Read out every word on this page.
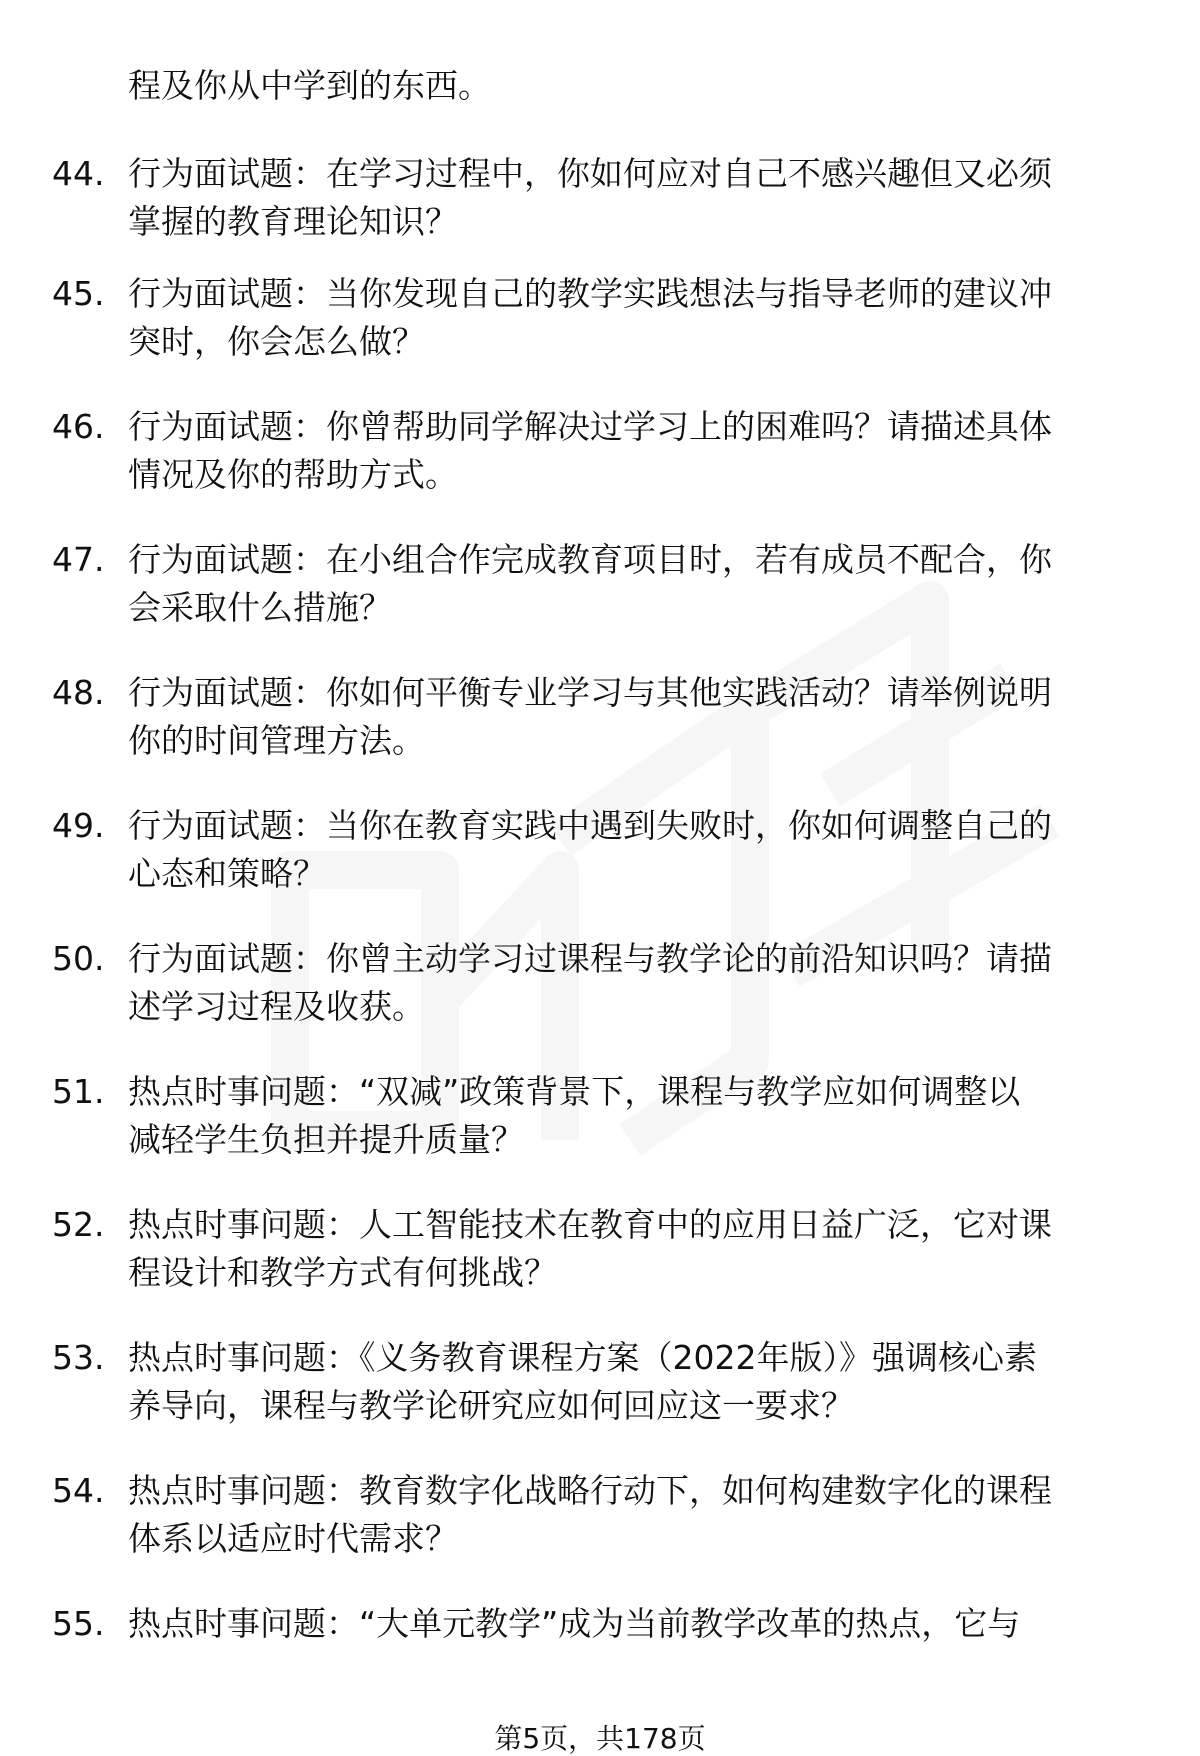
程及你从中学到的东西。
44. 行为面试题：在学习过程中，你如何应对自己不感兴趣但又必须
掌握的教育理论知识？
45. 行为面试题：当你发现自己的教学实践想法与指导老师的建议冲
突时，你会怎么做？
46. 行为面试题：你曾帮助同学解决过学习上的困难吗？请描述具体
情况及你的帮助方式。
47. 行为面试题：在小组合作完成教育项目时，若有成员不配合，你
会采取什么措施？
48. 行为面试题：你如何平衡专业学习与其他实践活动？请举例说明
你的时间管理方法。
49. 行为面试题：当你在教育实践中遇到失败时，你如何调整自己的
心态和策略？
50. 行为面试题：你曾主动学习过课程与教学论的前沿知识吗？请描
述学习过程及收获。
51. 热点时事问题：“双减”政策背景下，课程与教学应如何调整以
减轻学生负担并提升质量？
52. 热点时事问题：人工智能技术在教育中的应用日益广泛，它对课
程设计和教学方式有何挑战？
53. 热点时事问题：《义务教育课程方案（2022年版）》强调核心素
养导向，课程与教学论研究应如何回应这一要求？
54. 热点时事问题：教育数字化战略行动下，如何构建数字化的课程
体系以适应时代需求？
55. 热点时事问题：“大单元教学”成为当前教学改革的热点，它与
第5页，共178页
